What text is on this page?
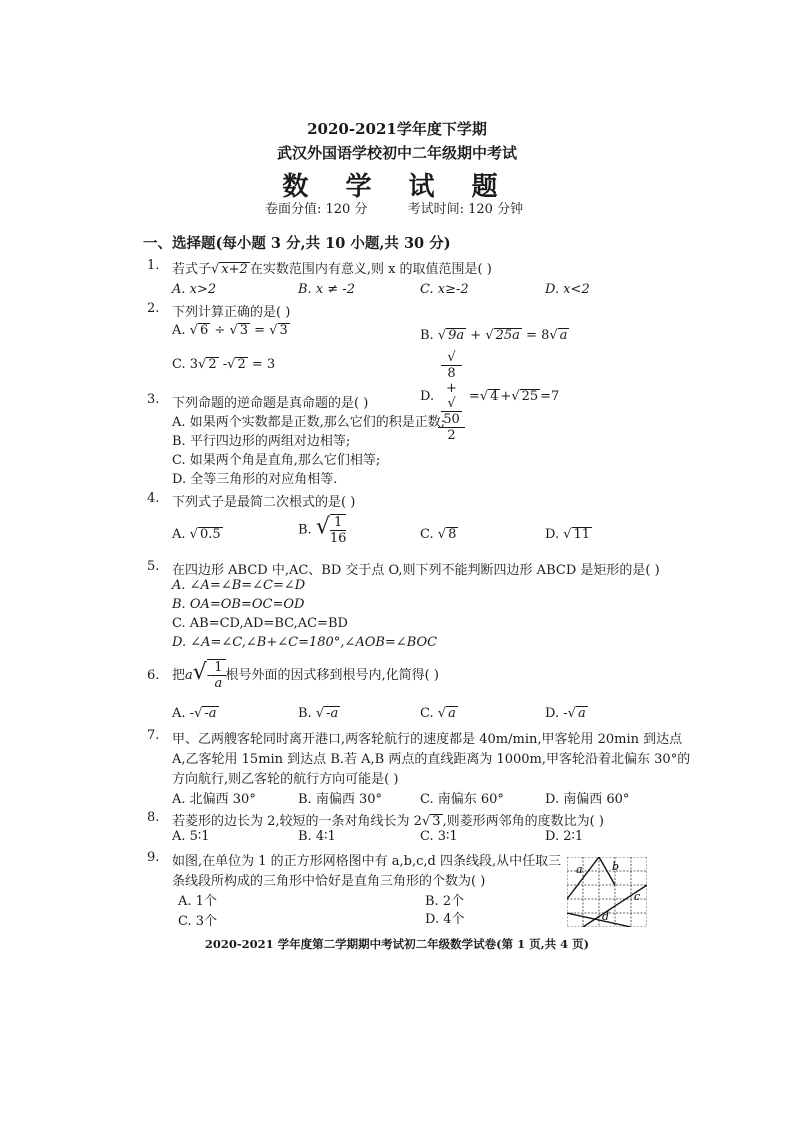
2020-2021学年度下学期
武汉外国语学校初中二年级期中考试
数 学 试 题
卷面分值: 120 分	考试时间: 120 分钟
一、选择题(每小题 3 分,共 10 小题,共 30 分)
1. 若式子√ x+2 在实数范围内有意义,则 x 的取值范围是( )
A. x>2	B. x ≠ -2	C. x≥-2	D. x<2
2. 下列计算正确的是( )
A. √ 6 ÷ √ 3 = √ 3	B. √ 9a + √ 25a = 8√ a
C. 3√ 2 -√ 2 = 3
D. √
8
+
√
50
2 =√ 4 +√ 25 =7
3. 下列命题的逆命题是真命题的是( )
A. 如果两个实数都是正数,那么它们的积是正数;
B. 平行四边形的两组对边相等;
C. 如果两个角是直角,那么它们相等;
D. 全等三角形的对应角相等.
4. 下列式子是最简二次根式的是( )
A. √ 0.5	B. √ $\frac{1}{16}$	C. √ 8	D. √ 11
5. 在四边形 ABCD 中,AC、BD 交于点 O,则下列不能判断四边形 ABCD 是矩形的是( )
A. ∠A=∠B=∠C=∠D
B. OA=OB=OC=OD
C. AB=CD,AD=BC,AC=BD
D. ∠A=∠C,∠B+∠C=180°,∠AOB=∠BOC
6. 把$a√- \frac{1}{a}$ 根号外面的因式移到根号内,化简得( )
A. -√ -a	B. √ -a	C. √ a	D. -√ a
7. 甲、乙两艘客轮同时离开港口,两客轮航行的速度都是 40m/min,甲客轮用 20min 到达点
A,乙客轮用 15min 到达点 B.若 A,B 两点的直线距离为 1000m,甲客轮沿着北偏东 30°的
方向航行,则乙客轮的航行方向可能是( )
A. 北偏西 30°	B. 南偏西 30°	C. 南偏东 60°	D. 南偏西 60°
8. 若菱形的边长为 2,较短的一条对角线长为 2√ 3 ,则菱形两邻角的度数比为( )
A. 5∶1	B. 4∶1	C. 3∶1	D. 2∶1
9. 如图,在单位为 1 的正方形网格图中有 a,b,c,d 四条线段,从中任取三
条线段所构成的三角形中恰好是直角三角形的个数为( )
A. 1个	B. 2个
C. 3个	D. 4个
a	b
c
d
2020-2021 学年度第二学期期中考试初二年级数学试卷(第 1 页,共 4 页)
